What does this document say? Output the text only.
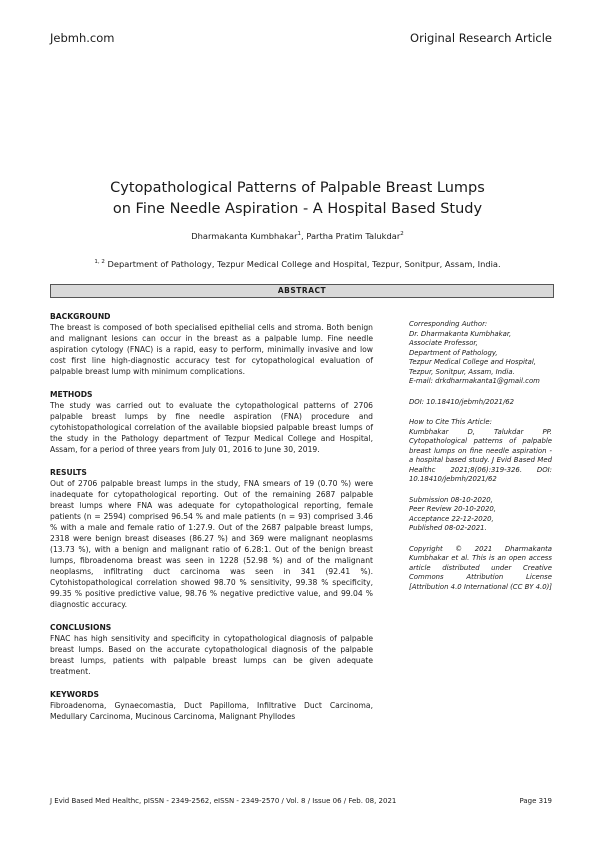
Jebmh.com	Original Research Article
Cytopathological Patterns of Palpable Breast Lumps
on Fine Needle Aspiration - A Hospital Based Study
Dharmakanta Kumbhakar$^1$, Partha Pratim Talukdar$^2$
$^{1, 2}$ Department of Pathology, Tezpur Medical College and Hospital, Tezpur, Sonitpur, Assam, India.
ABSTRACT
BACKGROUND

The breast is composed of both specialised epithelial cells and stroma. Both benign and malignant lesions can occur in the breast as a palpable lump. Fine needle aspiration cytology (FNAC) is a rapid, easy to perform, minimally invasive and low cost first line high-diagnostic accuracy test for cytopathological evaluation of palpable breast lump with minimum complications.

METHODS

The study was carried out to evaluate the cytopathological patterns of 2706 palpable breast lumps by fine needle aspiration (FNA) procedure and cytohistopathological correlation of the available biopsied palpable breast lumps of the study in the Pathology department of Tezpur Medical College and Hospital, Assam, for a period of three years from July 01, 2016 to June 30, 2019.

RESULTS

Out of 2706 palpable breast lumps in the study, FNA smears of 19 (0.70 %) were inadequate for cytopathological reporting. Out of the remaining 2687 palpable breast lumps where FNA was adequate for cytopathological reporting, female patients (n = 2594) comprised 96.54 % and male patients (n = 93) comprised 3.46 % with a male and female ratio of 1:27.9. Out of the 2687 palpable breast lumps, 2318 were benign breast diseases (86.27 %) and 369 were malignant neoplasms (13.73 %), with a benign and malignant ratio of 6.28:1. Out of the benign breast lumps, fibroadenoma breast was seen in 1228 (52.98 %) and of the malignant neoplasms, infiltrating duct carcinoma was seen in 341 (92.41 %). Cytohistopathological correlation showed 98.70 % sensitivity, 99.38 % specificity, 99.35 % positive predictive value, 98.76 % negative predictive value, and 99.04 % diagnostic accuracy.

CONCLUSIONS

FNAC has high sensitivity and specificity in cytopathological diagnosis of palpable breast lumps. Based on the accurate cytopathological diagnosis of the palpable breast lumps, patients with palpable breast lumps can be given adequate treatment.

KEYWORDS

Fibroadenoma, Gynaecomastia, Duct Papilloma, Infiltrative Duct Carcinoma, Medullary Carcinoma, Mucinous Carcinoma, Malignant Phyllodes

Corresponding Author:

Dr. Dharmakanta Kumbhakar,

Associate Professor,

Department of Pathology,

Tezpur Medical College and Hospital,

Tezpur, Sonitpur, Assam, India.

E-mail: drkdharmakanta1@gmail.com

DOI: 10.18410/jebmh/2021/62

How to Cite This Article:

Kumbhakar D, Talukdar PP. Cytopathological patterns of palpable breast lumps on fine needle aspiration - a hospital based study. J Evid Based Med Healthc 2021;8(06):319-326. DOI: 10.18410/jebmh/2021/62

Submission 08-10-2020,

Peer Review 20-10-2020,

Acceptance 22-12-2020,

Published 08-02-2021.

Copyright © 2021 Dharmakanta Kumbhakar et al. This is an open access article distributed under Creative Commons Attribution License [Attribution 4.0 International (CC BY 4.0)]

J Evid Based Med Healthc, pISSN - 2349-2562, eISSN - 2349-2570 / Vol. 8 / Issue 06 / Feb. 08, 2021	Page 319
